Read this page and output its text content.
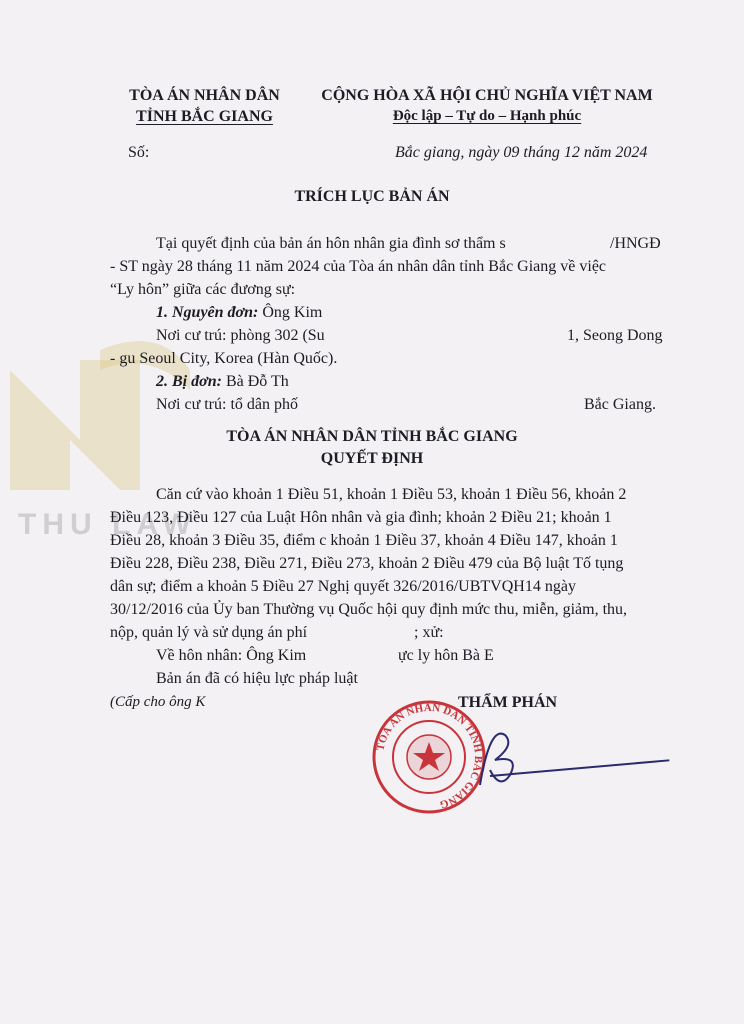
THU LAW
TÒA ÁN NHÂN DÂN
TỈNH BẮC GIANG
CỘNG HÒA XÃ HỘI CHỦ NGHĨA VIỆT NAM
Độc lập – Tự do – Hạnh phúc
Số:	Bắc giang, ngày 09 tháng 12 năm 2024
TRÍCH LỤC BẢN ÁN
Tại quyết định của bản án hôn nhân gia đình sơ thẩm s	/HNGĐ
- ST ngày 28 tháng 11 năm 2024 của Tòa án nhân dân tỉnh Bắc Giang về việc
“Ly hôn” giữa các đương sự:
1. Nguyên đơn: Ông Kim
Nơi cư trú: phòng 302 (Su	1, Seong Dong
- gu Seoul City, Korea (Hàn Quốc).
2. Bị đơn: Bà Đỗ Th
Nơi cư trú: tổ dân phố	Bắc Giang.
TÒA ÁN NHÂN DÂN TỈNH BẮC GIANG
QUYẾT ĐỊNH
Căn cứ vào khoản 1 Điều 51, khoản 1 Điều 53, khoản 1 Điều 56, khoản 2
Điều 123, Điều 127 của Luật Hôn nhân và gia đình; khoản 2 Điều 21; khoản 1
Điều 28, khoản 3 Điều 35, điểm c khoản 1 Điều 37, khoản 4 Điều 147, khoản 1
Điều 228, Điều 238, Điều 271, Điều 273, khoản 2 Điều 479 của Bộ luật Tố tụng
dân sự; điểm a khoản 5 Điều 27 Nghị quyết 326/2016/UBTVQH14 ngày
30/12/2016 của Ủy ban Thường vụ Quốc hội quy định mức thu, miễn, giảm, thu,
nộp, quản lý và sử dụng án phí	; xử:
Về hôn nhân: Ông Kim	ực ly hôn Bà E
Bản án đã có hiệu lực pháp luật
(Cấp cho ông K	THẨM PHÁN
TÒA ÁN NHÂN DÂN TỈNH BẮC GIANG
